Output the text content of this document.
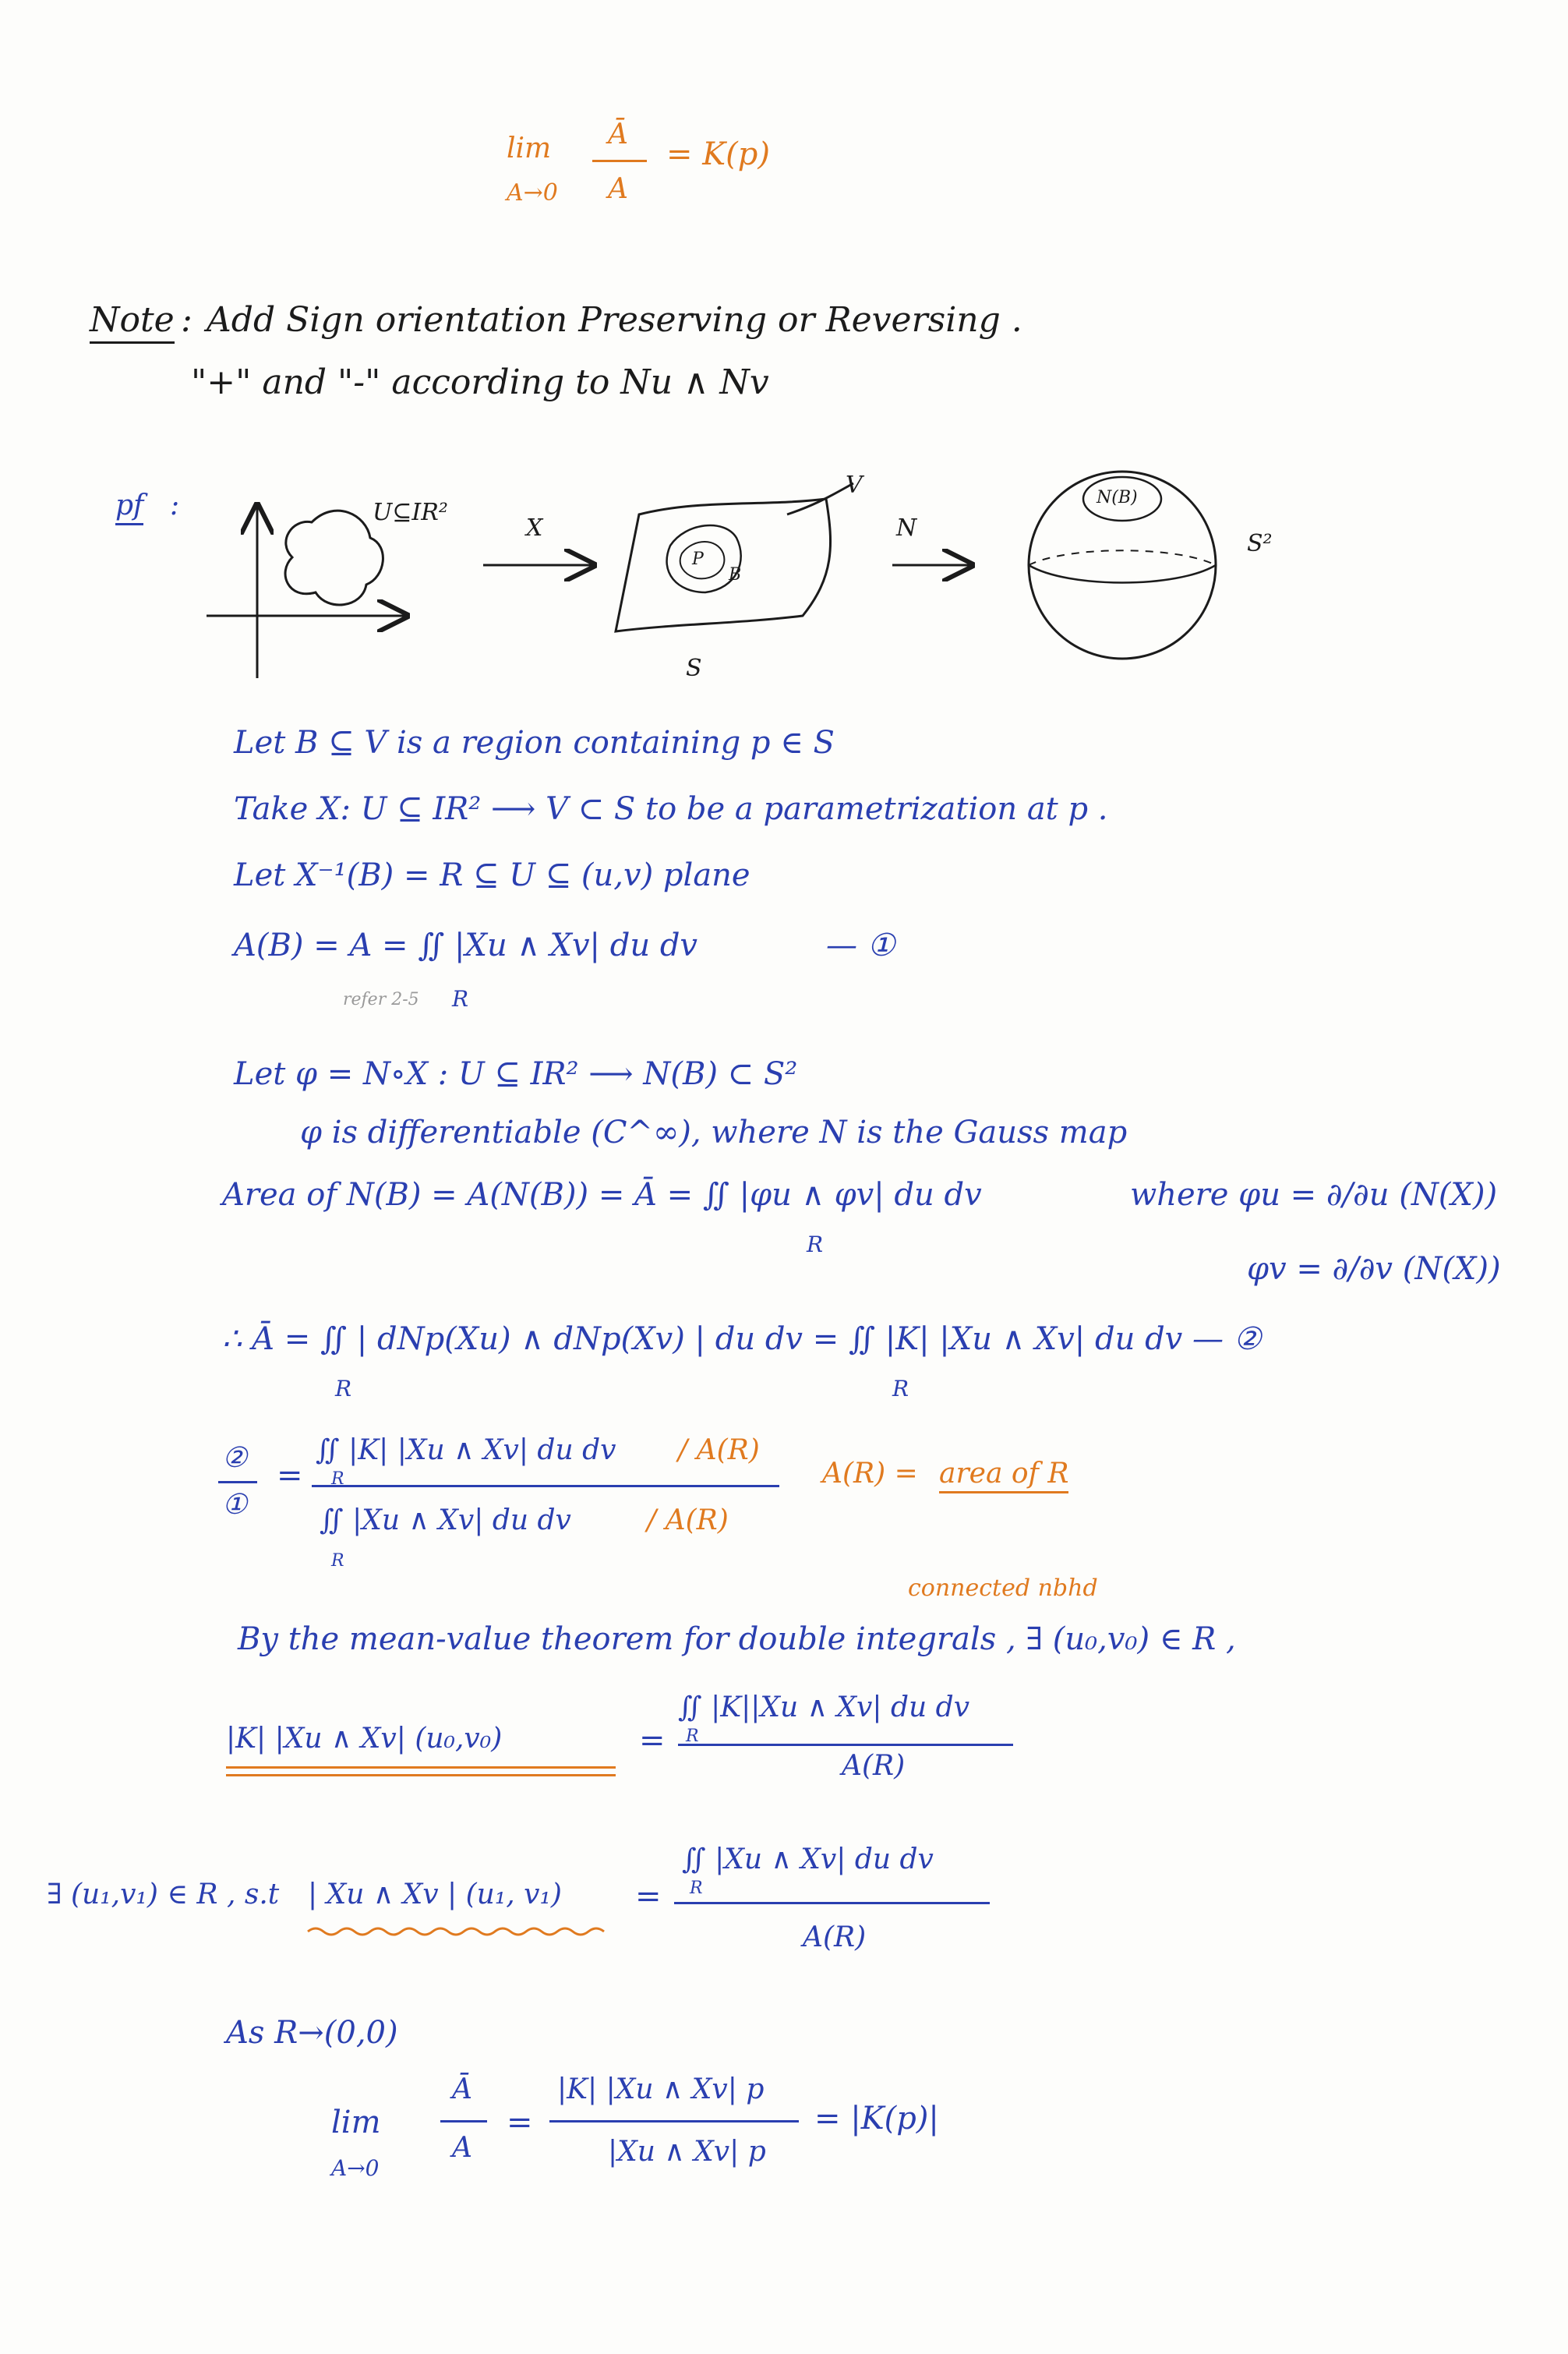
lim
A→0
Ā
A
= K(p)
Note : Add Sign orientation Preserving or Reversing .
"+" and "-" according to Nu ∧ Nv
pf :	U⊆IR²
X
S
V
P
B
N
N(B)
S²
Let B ⊆ V is a region containing p ∈ S
Take X: U ⊆ IR² ⟶ V ⊂ S to be a parametrization at p .
Let X⁻¹(B) = R ⊆ U ⊆ (u,v) plane
A(B) = A = ∬ |Xu ∧ Xv| du dv	— ①
R
refer 2-5
Let φ = N∘X : U ⊆ IR² ⟶ N(B) ⊂ S²
φ is differentiable (C^∞), where N is the Gauss map
Area of N(B) = A(N(B)) = Ā = ∬ |φu ∧ φv| du dv
R
where φu = ∂/∂u (N(X))
φv = ∂/∂v (N(X))
∴ Ā = ∬ | dNp(Xu) ∧ dNp(Xv) | du dv = ∬ |K| |Xu ∧ Xv| du dv — ②
R	R
②
①
=
∬ |K| |Xu ∧ Xv| du dv / A(R)
R
∬ |Xu ∧ Xv| du dv	/ A(R)
R
A(R) = area of R
connected nbhd
By the mean-value theorem for double integrals , ∃ (u₀,v₀) ∈ R ,
|K| |Xu ∧ Xv| (u₀,v₀)	=
∬ |K||Xu ∧ Xv| du dv
R
A(R)
∃ (u₁,v₁) ∈ R , s.t | Xu ∧ Xv | (u₁, v₁) =
∬ |Xu ∧ Xv| du dv
R
A(R)
As R→(0,0)
lim
A→0
Ā
A
=
|K| |Xu ∧ Xv| p
|Xu ∧ Xv| p
= |K(p)|
